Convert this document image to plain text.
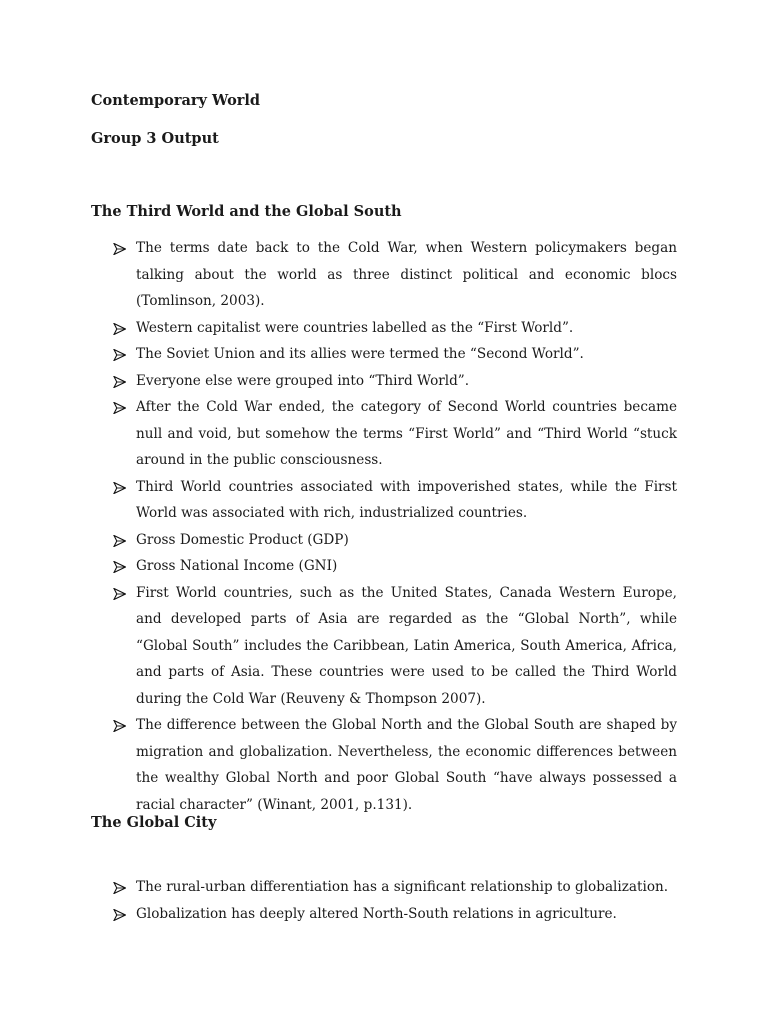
Contemporary World
Group 3 Output
The Third World and the Global South
The terms date back to the Cold War, when Western policymakers began talking about the world as three distinct political and economic blocs (Tomlinson, 2003).
Western capitalist were countries labelled as the “First World”.
The Soviet Union and its allies were termed the “Second World”.
Everyone else were grouped into “Third World”.
After the Cold War ended, the category of Second World countries became null and void, but somehow the terms “First World” and “Third World “stuck around in the public consciousness.
Third World countries associated with impoverished states, while the First World was associated with rich, industrialized countries.
Gross Domestic Product (GDP)
Gross National Income (GNI)
First World countries, such as the United States, Canada Western Europe, and developed parts of Asia are regarded as the “Global North”, while “Global South” includes the Caribbean, Latin America, South America, Africa, and parts of Asia. These countries were used to be called the Third World during the Cold War (Reuveny & Thompson 2007).
The difference between the Global North and the Global South are shaped by migration and globalization. Nevertheless, the economic differences between the wealthy Global North and poor Global South “have always possessed a racial character” (Winant, 2001, p.131).
The Global City
The rural-urban differentiation has a significant relationship to globalization.
Globalization has deeply altered North-South relations in agriculture.
